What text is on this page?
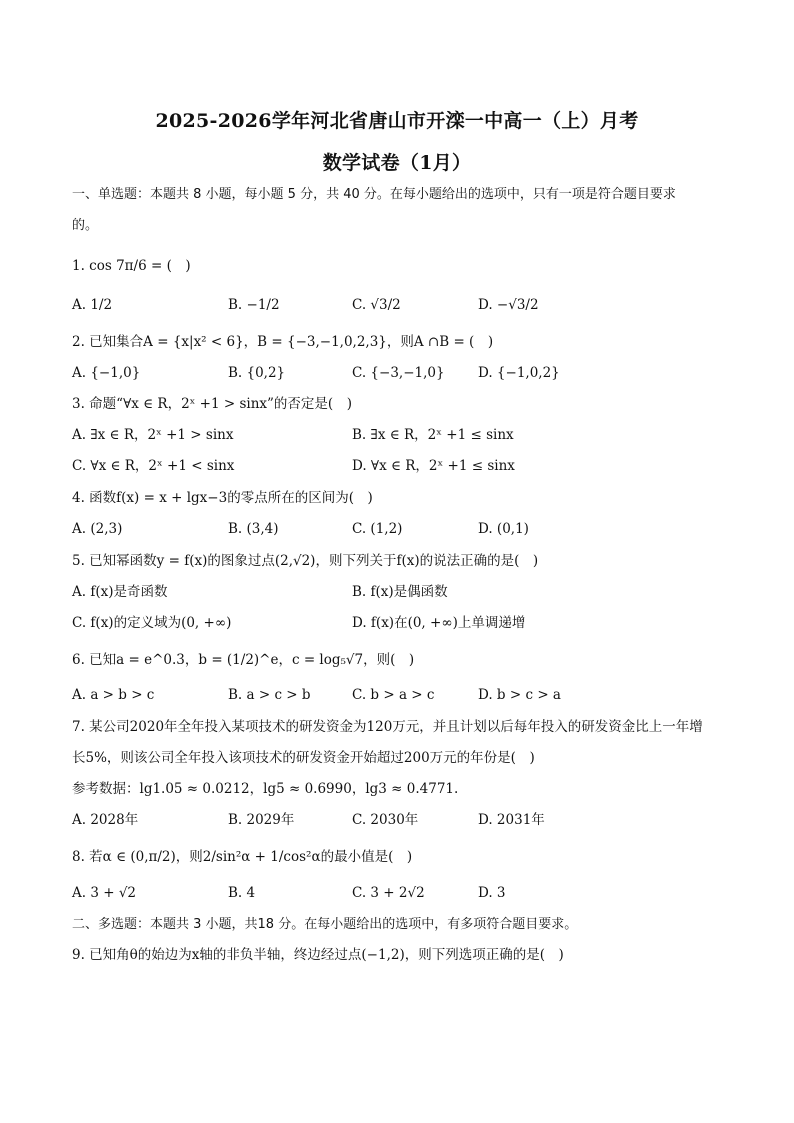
2025-2026学年河北省唐山市开滦一中高一（上）月考
数学试卷（1月）
一、单选题：本题共 8 小题，每小题 5 分，共 40 分。在每小题给出的选项中，只有一项是符合题目要求
的。
1. cos 7π/6 = (　)
A. 1/2	B. −1/2	C. √3/2	D. −√3/2
2. 已知集合A = {x|x² < 6}，B = {−3,−1,0,2,3}，则A ∩B = (　)
A. {−1,0}	B. {0,2}	C. {−3,−1,0} D. {−1,0,2}
3. 命题“∀x ∈ R，2ˣ +1 > sinx”的否定是(　)
A. ∃x ∈ R，2ˣ +1 > sinx	B. ∃x ∈ R，2ˣ +1 ≤ sinx
C. ∀x ∈ R，2ˣ +1 < sinx	D. ∀x ∈ R，2ˣ +1 ≤ sinx
4. 函数f(x) = x + lgx−3的零点所在的区间为(　)
A. (2,3)	B. (3,4)	C. (1,2)	D. (0,1)
5. 已知幂函数y = f(x)的图象过点(2,√2)，则下列关于f(x)的说法正确的是(　)
A. f(x)是奇函数	B. f(x)是偶函数
C. f(x)的定义域为(0, +∞)	D. f(x)在(0, +∞)上单调递增
6. 已知a = e^0.3，b = (1/2)^e，c = log₅√7，则(　)
A. a > b > c	B. a > c > b	C. b > a > c	D. b > c > a
7. 某公司2020年全年投入某项技术的研发资金为120万元，并且计划以后每年投入的研发资金比上一年增
长5%，则该公司全年投入该项技术的研发资金开始超过200万元的年份是(　)
参考数据：lg1.05 ≈ 0.0212，lg5 ≈ 0.6990，lg3 ≈ 0.4771.
A. 2028年	B. 2029年	C. 2030年	D. 2031年
8. 若α ∈ (0,π/2)，则2/sin²α + 1/cos²α的最小值是(　)
A. 3 + √2	B. 4	C. 3 + 2√2	D. 3
二、多选题：本题共 3 小题，共18 分。在每小题给出的选项中，有多项符合题目要求。
9. 已知角θ的始边为x轴的非负半轴，终边经过点(−1,2)，则下列选项正确的是(　)
